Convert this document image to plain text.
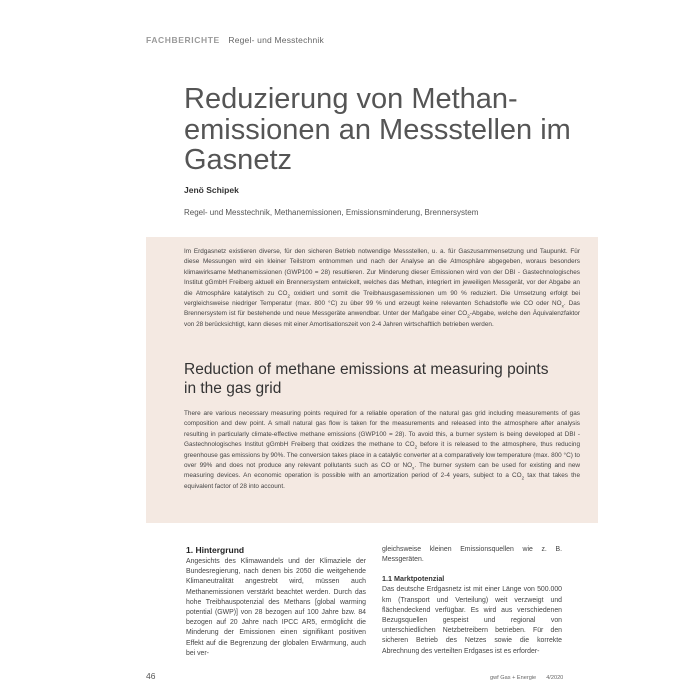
FACHBERICHTE Regel- und Messtechnik
Reduzierung von Methan-
emissionen an Messstellen im
Gasnetz
Jenö Schipek
Regel- und Messtechnik, Methanemissionen, Emissionsminderung, Brennersystem
Im Erdgasnetz existieren diverse, für den sicheren Betrieb notwendige Messstellen, u. a. für Gaszusammensetzung und Taupunkt. Für diese Messungen wird ein kleiner Teilstrom entnommen und nach der Analyse an die Atmosphäre abgegeben, woraus besonders klimawirksame Methanemissionen (GWP100 = 28) resultieren. Zur Minderung dieser Emissionen wird von der DBI - Gastechnologisches Institut gGmbH Freiberg aktuell ein Brennersystem entwickelt, welches das Methan, integriert im jeweiligen Messgerät, vor der Abgabe an die Atmosphäre katalytisch zu $CO_2$ oxidiert und somit die Treibhausgasemissionen um 90 % reduziert. Die Umsetzung erfolgt bei vergleichsweise niedriger Temperatur (max. 800 °C) zu über 99 % und erzeugt keine relevanten Schadstoffe wie CO oder $NO_x$. Das Brennersystem ist für bestehende und neue Messgeräte anwendbar. Unter der Maßgabe einer $CO_2$-Abgabe, welche den Äquivalenzfaktor von 28 berücksichtigt, kann dieses mit einer Amortisationszeit von 2-4 Jahren wirtschaftlich betrieben werden.
Reduction of methane emissions at measuring points
in the gas grid
There are various necessary measuring points required for a reliable operation of the natural gas grid including measurements of gas composition and dew point. A small natural gas flow is taken for the measurements and released into the atmosphere after analysis resulting in particularly climate-effective methane emissions (GWP100 = 28). To avoid this, a burner system is being developed at DBI - Gastechnologisches Institut gGmbH Freiberg that oxidizes the methane to $CO_2$ before it is released to the atmosphere, thus reducing greenhouse gas emissions by 90%. The conversion takes place in a catalytic converter at a comparatively low temperature (max. 800 °C) to over 99% and does not produce any relevant pollutants such as CO or $NO_x$. The burner system can be used for existing and new measuring devices. An economic operation is possible with an amortization period of 2-4 years, subject to a $CO_2$ tax that takes the equivalent factor of 28 into account.
1. Hintergrund
Angesichts des Klimawandels und der Klimaziele der Bundesregierung, nach denen bis 2050 die weitgehende Klimaneutralität angestrebt wird, müssen auch Methanemissionen verstärkt beachtet werden. Durch das hohe Treibhauspotenzial des Methans [global warming potential (GWP)] von 28 bezogen auf 100 Jahre bzw. 84 bezogen auf 20 Jahre nach IPCC AR5, ermöglicht die Minderung der Emissionen einen signifikant positiven Effekt auf die Begrenzung der globalen Erwärmung, auch bei ver-
gleichsweise kleinen Emissionsquellen wie z. B. Messgeräten.
1.1 Marktpotenzial
Das deutsche Erdgasnetz ist mit einer Länge von 500.000 km (Transport und Verteilung) weit verzweigt und flächendeckend verfügbar. Es wird aus verschiedenen Bezugsquellen gespeist und regional von unterschiedlichen Netzbetreibern betrieben. Für den sicheren Betrieb des Netzes sowie die korrekte Abrechnung des verteilten Erdgases ist es erforder-
46	gwf Gas + Energie 4/2020
